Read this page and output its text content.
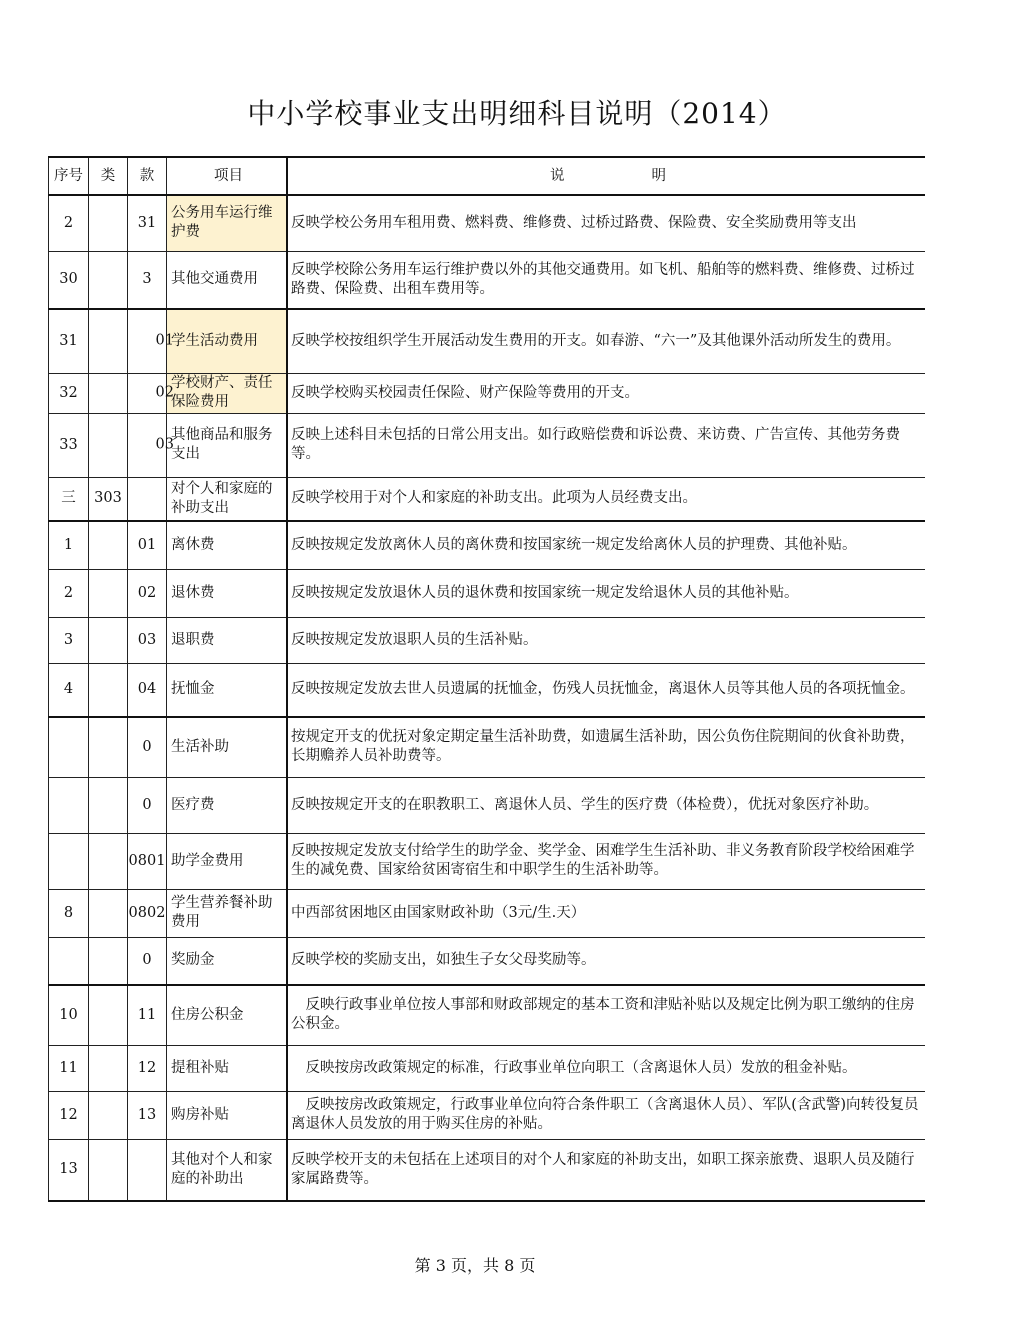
中小学校事业支出明细科目说明（2014）
序号	类	款	项目	说　　　　　　明
2		31	公务用车运行维护费	反映学校公务用车租用费、燃料费、维修费、过桥过路费、保险费、安全奖励费用等支出
30		3	其他交通费用	反映学校除公务用车运行维护费以外的其他交通费用。如飞机、船舶等的燃料费、维修费、过桥过路费、保险费、出租车费用等。
31		01	学生活动费用	反映学校按组织学生开展活动发生费用的开支。如春游、“六一”及其他课外活动所发生的费用。
32		02	学校财产、责任保险费用	反映学校购买校园责任保险、财产保险等费用的开支。
33		03	其他商品和服务支出	反映上述科目未包括的日常公用支出。如行政赔偿费和诉讼费、来访费、广告宣传、其他劳务费等。
三	303		对个人和家庭的补助支出	反映学校用于对个人和家庭的补助支出。此项为人员经费支出。
1		01	离休费	反映按规定发放离休人员的离休费和按国家统一规定发给离休人员的护理费、其他补贴。
2		02	退休费	反映按规定发放退休人员的退休费和按国家统一规定发给退休人员的其他补贴。
3		03	退职费	反映按规定发放退职人员的生活补贴。
4		04	抚恤金	反映按规定发放去世人员遗属的抚恤金，伤残人员抚恤金，离退休人员等其他人员的各项抚恤金。
		0	生活补助	按规定开支的优抚对象定期定量生活补助费，如遗属生活补助，因公负伤住院期间的伙食补助费，长期赡养人员补助费等。
		0	医疗费	反映按规定开支的在职教职工、离退休人员、学生的医疗费（体检费），优抚对象医疗补助。
		0801	助学金费用	反映按规定发放支付给学生的助学金、奖学金、困难学生生活补助、非义务教育阶段学校给困难学生的减免费、国家给贫困寄宿生和中职学生的生活补助等。
8		0802	学生营养餐补助费用	中西部贫困地区由国家财政补助（3元/生.天）
		0	奖励金	反映学校的奖励支出，如独生子女父母奖励等。
10		11	住房公积金	　反映行政事业单位按人事部和财政部规定的基本工资和津贴补贴以及规定比例为职工缴纳的住房公积金。
11		12	提租补贴	　反映按房改政策规定的标准，行政事业单位向职工（含离退休人员）发放的租金补贴。
12		13	购房补贴	　反映按房改政策规定，行政事业单位向符合条件职工（含离退休人员）、军队(含武警)向转役复员离退休人员发放的用于购买住房的补贴。
13			其他对个人和家庭的补助出	反映学校开支的未包括在上述项目的对个人和家庭的补助支出，如职工探亲旅费、退职人员及随行家属路费等。
第 3 页，共 8 页
